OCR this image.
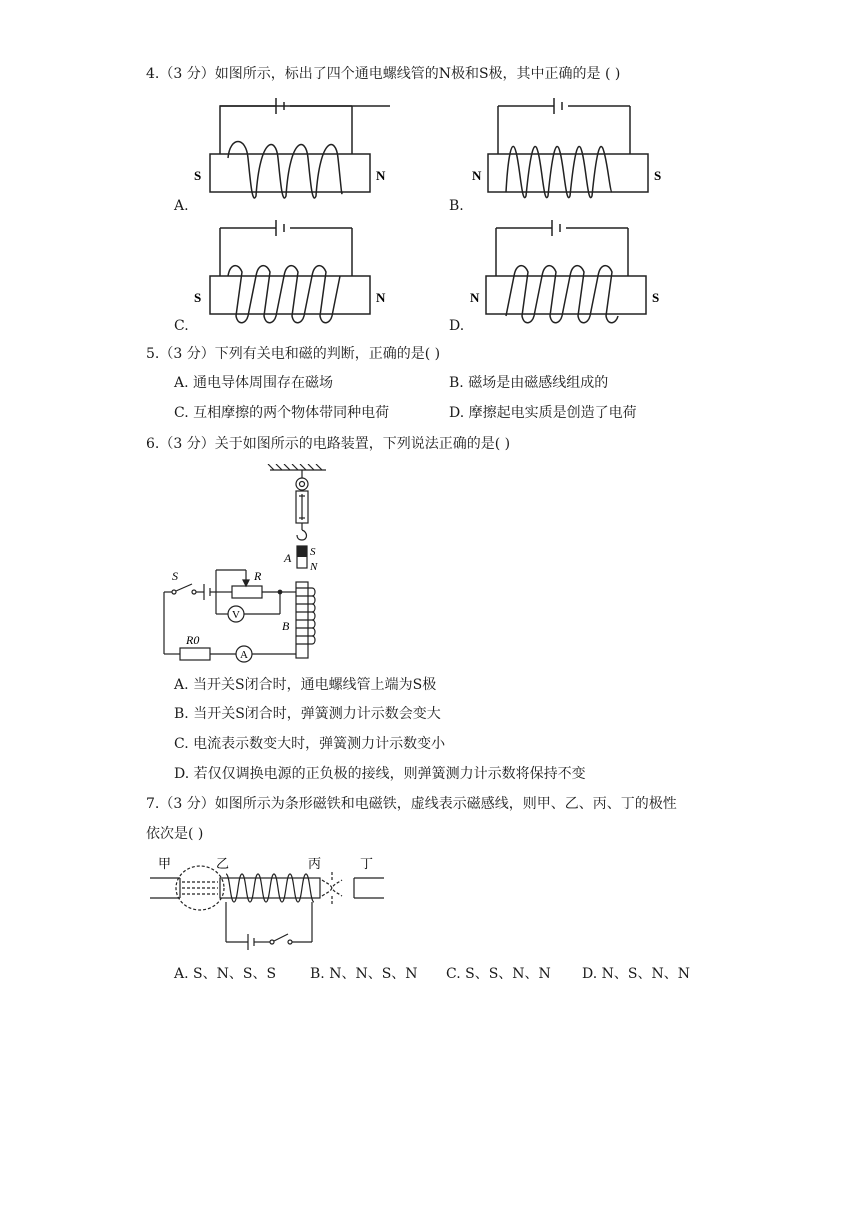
4.（3 分）如图所示，标出了四个通电螺线管的N极和S极，其中正确的是 ( )
S	N
A.
N	S
B.
S	N
C.
N	S
D.
5.（3 分）下列有关电和磁的判断，正确的是( )
A. 通电导体周围存在磁场	B. 磁场是由磁感线组成的
C. 互相摩擦的两个物体带同种电荷	D. 摩擦起电实质是创造了电荷
6.（3 分）关于如图所示的电路装置，下列说法正确的是( )
S	R
V
R0
A
A S
N
B
A. 当开关S闭合时，通电螺线管上端为S极
B. 当开关S闭合时，弹簧测力计示数会变大
C. 电流表示数变大时，弹簧测力计示数变小
D. 若仅仅调换电源的正负极的接线，则弹簧测力计示数将保持不变
7.（3 分）如图所示为条形磁铁和电磁铁，虚线表示磁感线，则甲、乙、丙、丁的极性
依次是( )
甲	乙	丙	丁
A. S、N、S、S B. N、N、S、N C. S、S、N、N D. N、S、N、N
